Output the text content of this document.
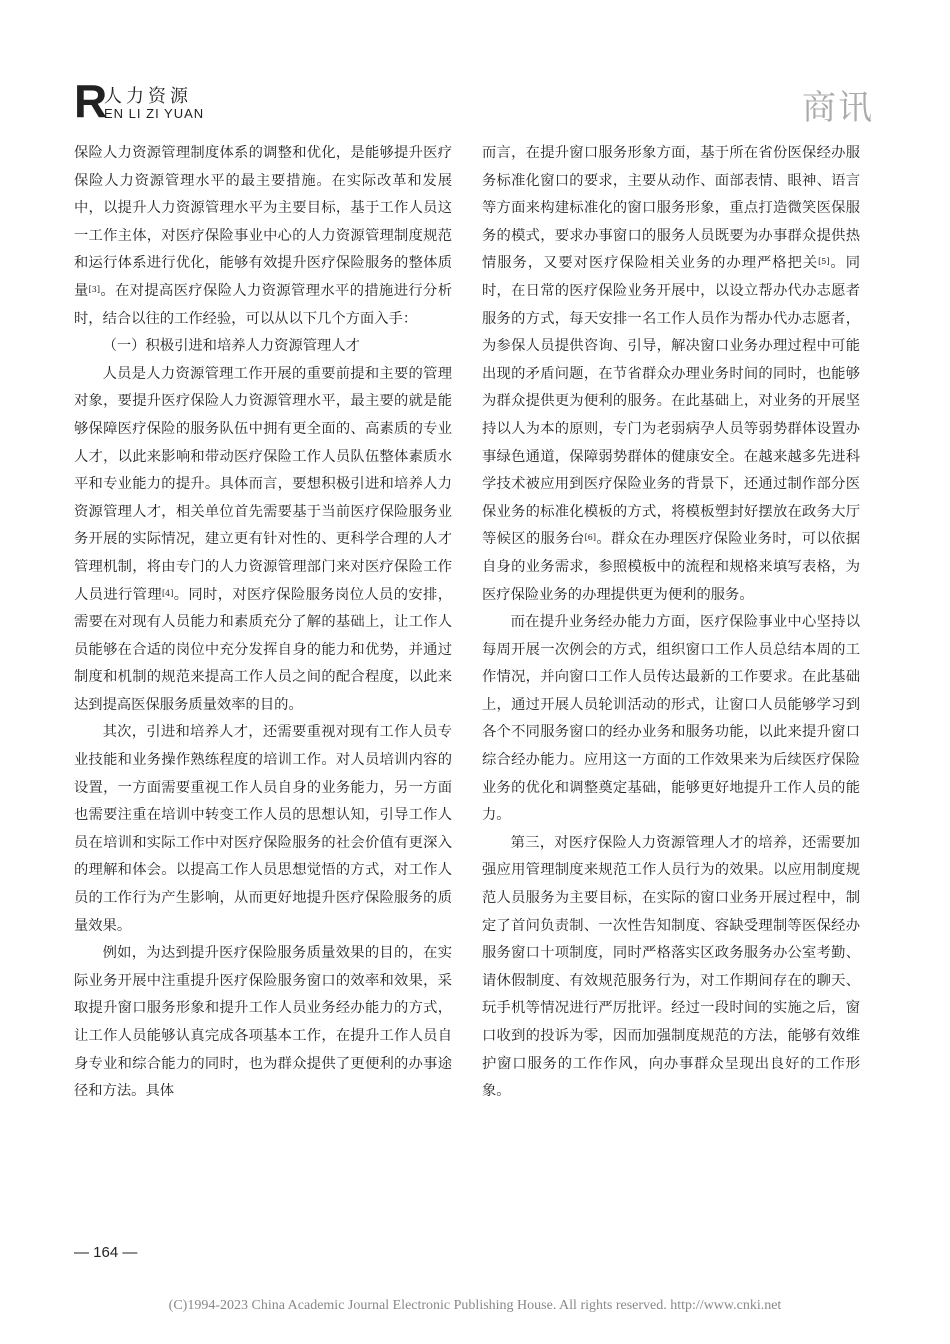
R
人力资源
EN LI ZI YUAN	商讯

保险人力资源管理制度体系的调整和优化，是能够提升医疗保险人力资源管理水平的最主要措施。在实际改革和发展中，以提升人力资源管理水平为主要目标，基于工作人员这一工作主体，对医疗保险事业中心的人力资源管理制度规范和运行体系进行优化，能够有效提升医疗保险服务的整体质量[3]。在对提高医疗保险人力资源管理水平的措施进行分析时，结合以往的工作经验，可以从以下几个方面入手：

（一）积极引进和培养人力资源管理人才

人员是人力资源管理工作开展的重要前提和主要的管理对象，要提升医疗保险人力资源管理水平，最主要的就是能够保障医疗保险的服务队伍中拥有更全面的、高素质的专业人才，以此来影响和带动医疗保险工作人员队伍整体素质水平和专业能力的提升。具体而言，要想积极引进和培养人力资源管理人才，相关单位首先需要基于当前医疗保险服务业务开展的实际情况，建立更有针对性的、更科学合理的人才管理机制，将由专门的人力资源管理部门来对医疗保险工作人员进行管理[4]。同时，对医疗保险服务岗位人员的安排，需要在对现有人员能力和素质充分了解的基础上，让工作人员能够在合适的岗位中充分发挥自身的能力和优势，并通过制度和机制的规范来提高工作人员之间的配合程度，以此来达到提高医保服务质量效率的目的。

其次，引进和培养人才，还需要重视对现有工作人员专业技能和业务操作熟练程度的培训工作。对人员培训内容的设置，一方面需要重视工作人员自身的业务能力，另一方面也需要注重在培训中转变工作人员的思想认知，引导工作人员在培训和实际工作中对医疗保险服务的社会价值有更深入的理解和体会。以提高工作人员思想觉悟的方式，对工作人员的工作行为产生影响，从而更好地提升医疗保险服务的质量效果。

例如，为达到提升医疗保险服务质量效果的目的，在实际业务开展中注重提升医疗保险服务窗口的效率和效果，采取提升窗口服务形象和提升工作人员业务经办能力的方式，让工作人员能够认真完成各项基本工作，在提升工作人员自身专业和综合能力的同时，也为群众提供了更便利的办事途径和方法。具体

而言，在提升窗口服务形象方面，基于所在省份医保经办服务标准化窗口的要求，主要从动作、面部表情、眼神、语言等方面来构建标准化的窗口服务形象，重点打造微笑医保服务的模式，要求办事窗口的服务人员既要为办事群众提供热情服务，又要对医疗保险相关业务的办理严格把关[5]。同时，在日常的医疗保险业务开展中，以设立帮办代办志愿者服务的方式，每天安排一名工作人员作为帮办代办志愿者，为参保人员提供咨询、引导，解决窗口业务办理过程中可能出现的矛盾问题，在节省群众办理业务时间的同时，也能够为群众提供更为便利的服务。在此基础上，对业务的开展坚持以人为本的原则，专门为老弱病孕人员等弱势群体设置办事绿色通道，保障弱势群体的健康安全。在越来越多先进科学技术被应用到医疗保险业务的背景下，还通过制作部分医保业务的标准化模板的方式，将模板塑封好摆放在政务大厅等候区的服务台[6]。群众在办理医疗保险业务时，可以依据自身的业务需求，参照模板中的流程和规格来填写表格，为医疗保险业务的办理提供更为便利的服务。

而在提升业务经办能力方面，医疗保险事业中心坚持以每周开展一次例会的方式，组织窗口工作人员总结本周的工作情况，并向窗口工作人员传达最新的工作要求。在此基础上，通过开展人员轮训活动的形式，让窗口人员能够学习到各个不同服务窗口的经办业务和服务功能，以此来提升窗口综合经办能力。应用这一方面的工作效果来为后续医疗保险业务的优化和调整奠定基础，能够更好地提升工作人员的能力。

第三，对医疗保险人力资源管理人才的培养，还需要加强应用管理制度来规范工作人员行为的效果。以应用制度规范人员服务为主要目标，在实际的窗口业务开展过程中，制定了首问负责制、一次性告知制度、容缺受理制等医保经办服务窗口十项制度，同时严格落实区政务服务办公室考勤、请休假制度、有效规范服务行为，对工作期间存在的聊天、玩手机等情况进行严厉批评。经过一段时间的实施之后，窗口收到的投诉为零，因而加强制度规范的方法，能够有效维护窗口服务的工作作风，向办事群众呈现出良好的工作形象。

— 164 —
(C)1994-2023 China Academic Journal Electronic Publishing House. All rights reserved. http://www.cnki.net
